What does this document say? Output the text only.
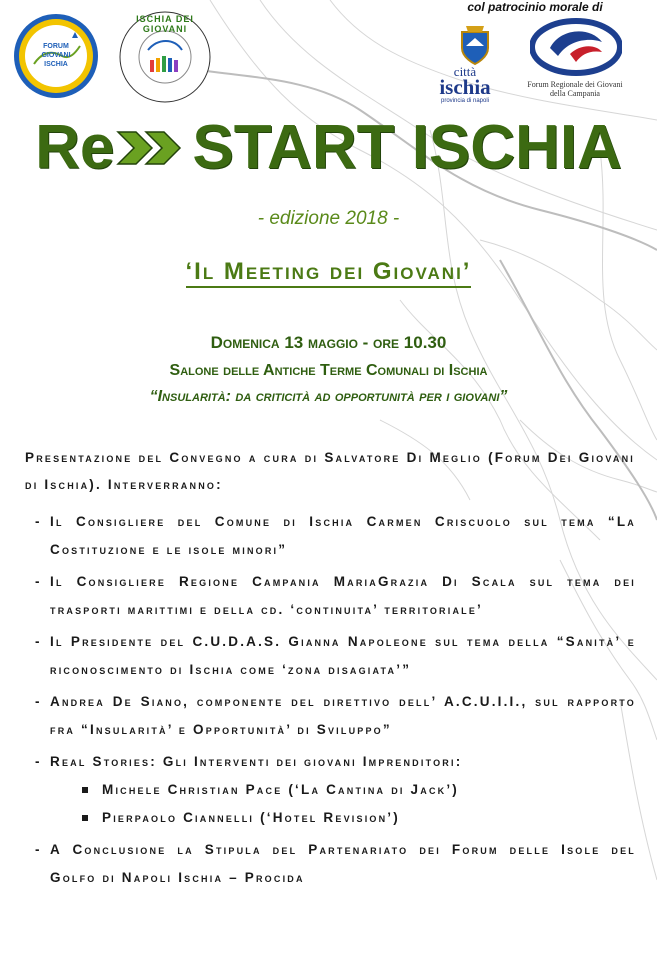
FORUM
GIOVANI
ISCHIA
ISCHIA DEI GIOVANI
col patrocinio morale di
città
ischia
provincia di napoli
Forum Regionale dei Giovani
della Campania
Re START ISCHIA
- edizione 2018 -
‘Il Meeting dei Giovani’
Domenica 13 maggio - ore 10.30
Salone delle Antiche Terme Comunali di Ischia
“Insularità: da criticità ad opportunità per i giovani”
Presentazione del Convegno a cura di Salvatore Di Meglio (Forum Dei Giovani di Ischia). Interverranno:
- Il Consigliere del Comune di Ischia Carmen Criscuolo sul tema “La Costituzione e le isole minori”
- Il Consigliere Regione Campania MariaGrazia Di Scala sul tema dei trasporti marittimi e della cd. ‘continuita’ territoriale’
- Il Presidente del C.U.D.A.S. Gianna Napoleone sul tema della “Sanità’ e riconoscimento di Ischia come ‘zona disagiata’”
- Andrea De Siano, componente del direttivo dell’ A.C.U.I.I., sul rapporto fra “Insularità’ e Opportunità’ di Sviluppo”
- Real Stories: Gli Interventi dei giovani Imprenditori:
Michele Christian Pace (‘La Cantina di Jack’)
Pierpaolo Ciannelli (‘Hotel Revision’)
- A Conclusione la Stipula del Partenariato dei Forum delle Isole del Golfo di Napoli Ischia – Procida
